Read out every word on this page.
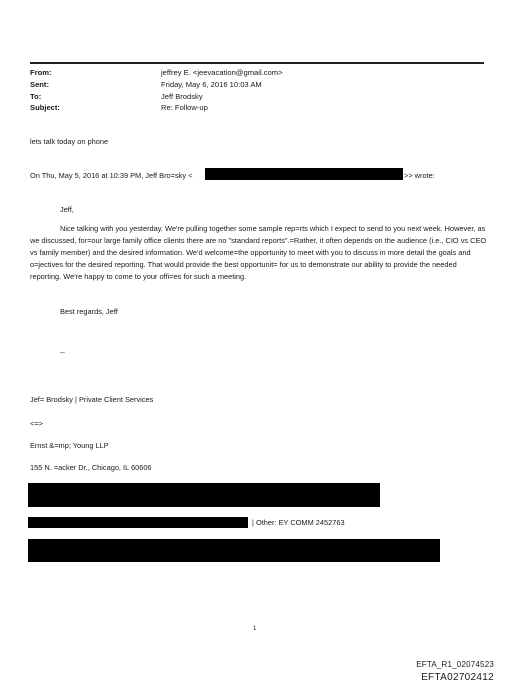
From:	jeffrey E. <jeevacation@gmail.com>
Sent:	Friday, May 6, 2016 10:03 AM
To:	Jeff Brodsky
Subject:	Re: Follow-up
lets talk today on phone
On Thu, May 5, 2016 at 10:39 PM, Jeff Bro=sky <	>> wrote:
Jeff,
Nice talking with you yesterday. We're pulling together some sample rep=rts which I expect to send to you next week. However, as we discussed, for=our large family office clients there are no "standard reports".=Rather, it often depends on the audience (i.e., CIO vs CEO vs family member) and the desired information. We'd welcome=the opportunity to meet with you to discuss in more detail the goals and o=jectives for the desired reporting. That would provide the best opportunit= for us to demonstrate our ability to provide the needed reporting. We're happy to come to your offi=es for such a meeting.
Best regards, Jeff
--
Jef= Brodsky | Private Client Services
<=>
Ernst &=mp; Young LLP
155 N. =acker Dr., Chicago, IL 60606
| Other: EY COMM 2452763
1
EFTA_R1_02074523
EFTA02702412
